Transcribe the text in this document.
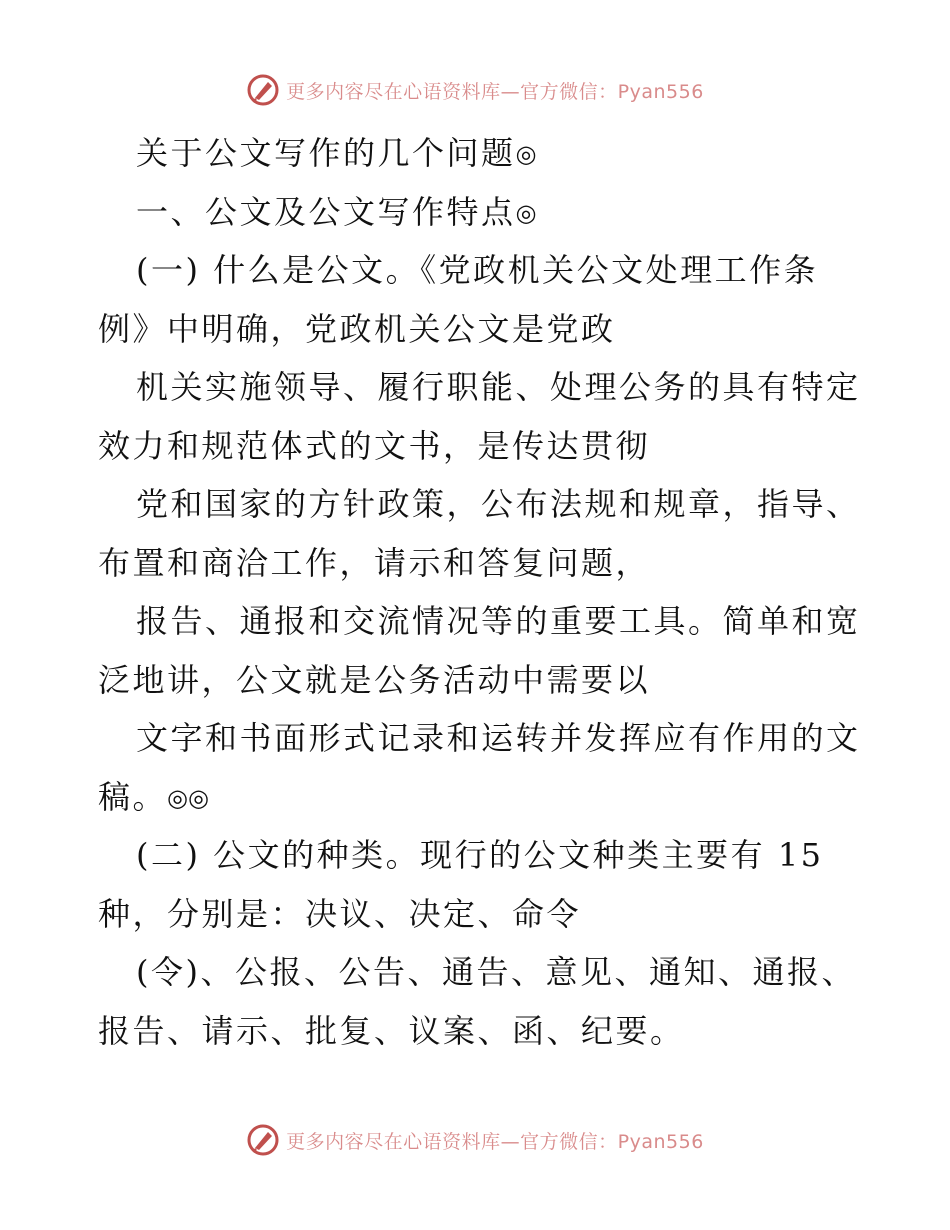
更多内容尽在心语资料库—官方微信：Pyan556
关于公文写作的几个问题◎
一、公文及公文写作特点◎
(一) 什么是公文。《党政机关公文处理工作条
例》中明确，党政机关公文是党政
机关实施领导、履行职能、处理公务的具有特定
效力和规范体式的文书，是传达贯彻
党和国家的方针政策，公布法规和规章，指导、
布置和商洽工作，请示和答复问题，
报告、通报和交流情况等的重要工具。简单和宽
泛地讲，公文就是公务活动中需要以
文字和书面形式记录和运转并发挥应有作用的文
稿。◎◎
(二) 公文的种类。现行的公文种类主要有 15
种，分别是：决议、决定、命令
(令)、公报、公告、通告、意见、通知、通报、
报告、请示、批复、议案、函、纪要。
更多内容尽在心语资料库—官方微信：Pyan556
